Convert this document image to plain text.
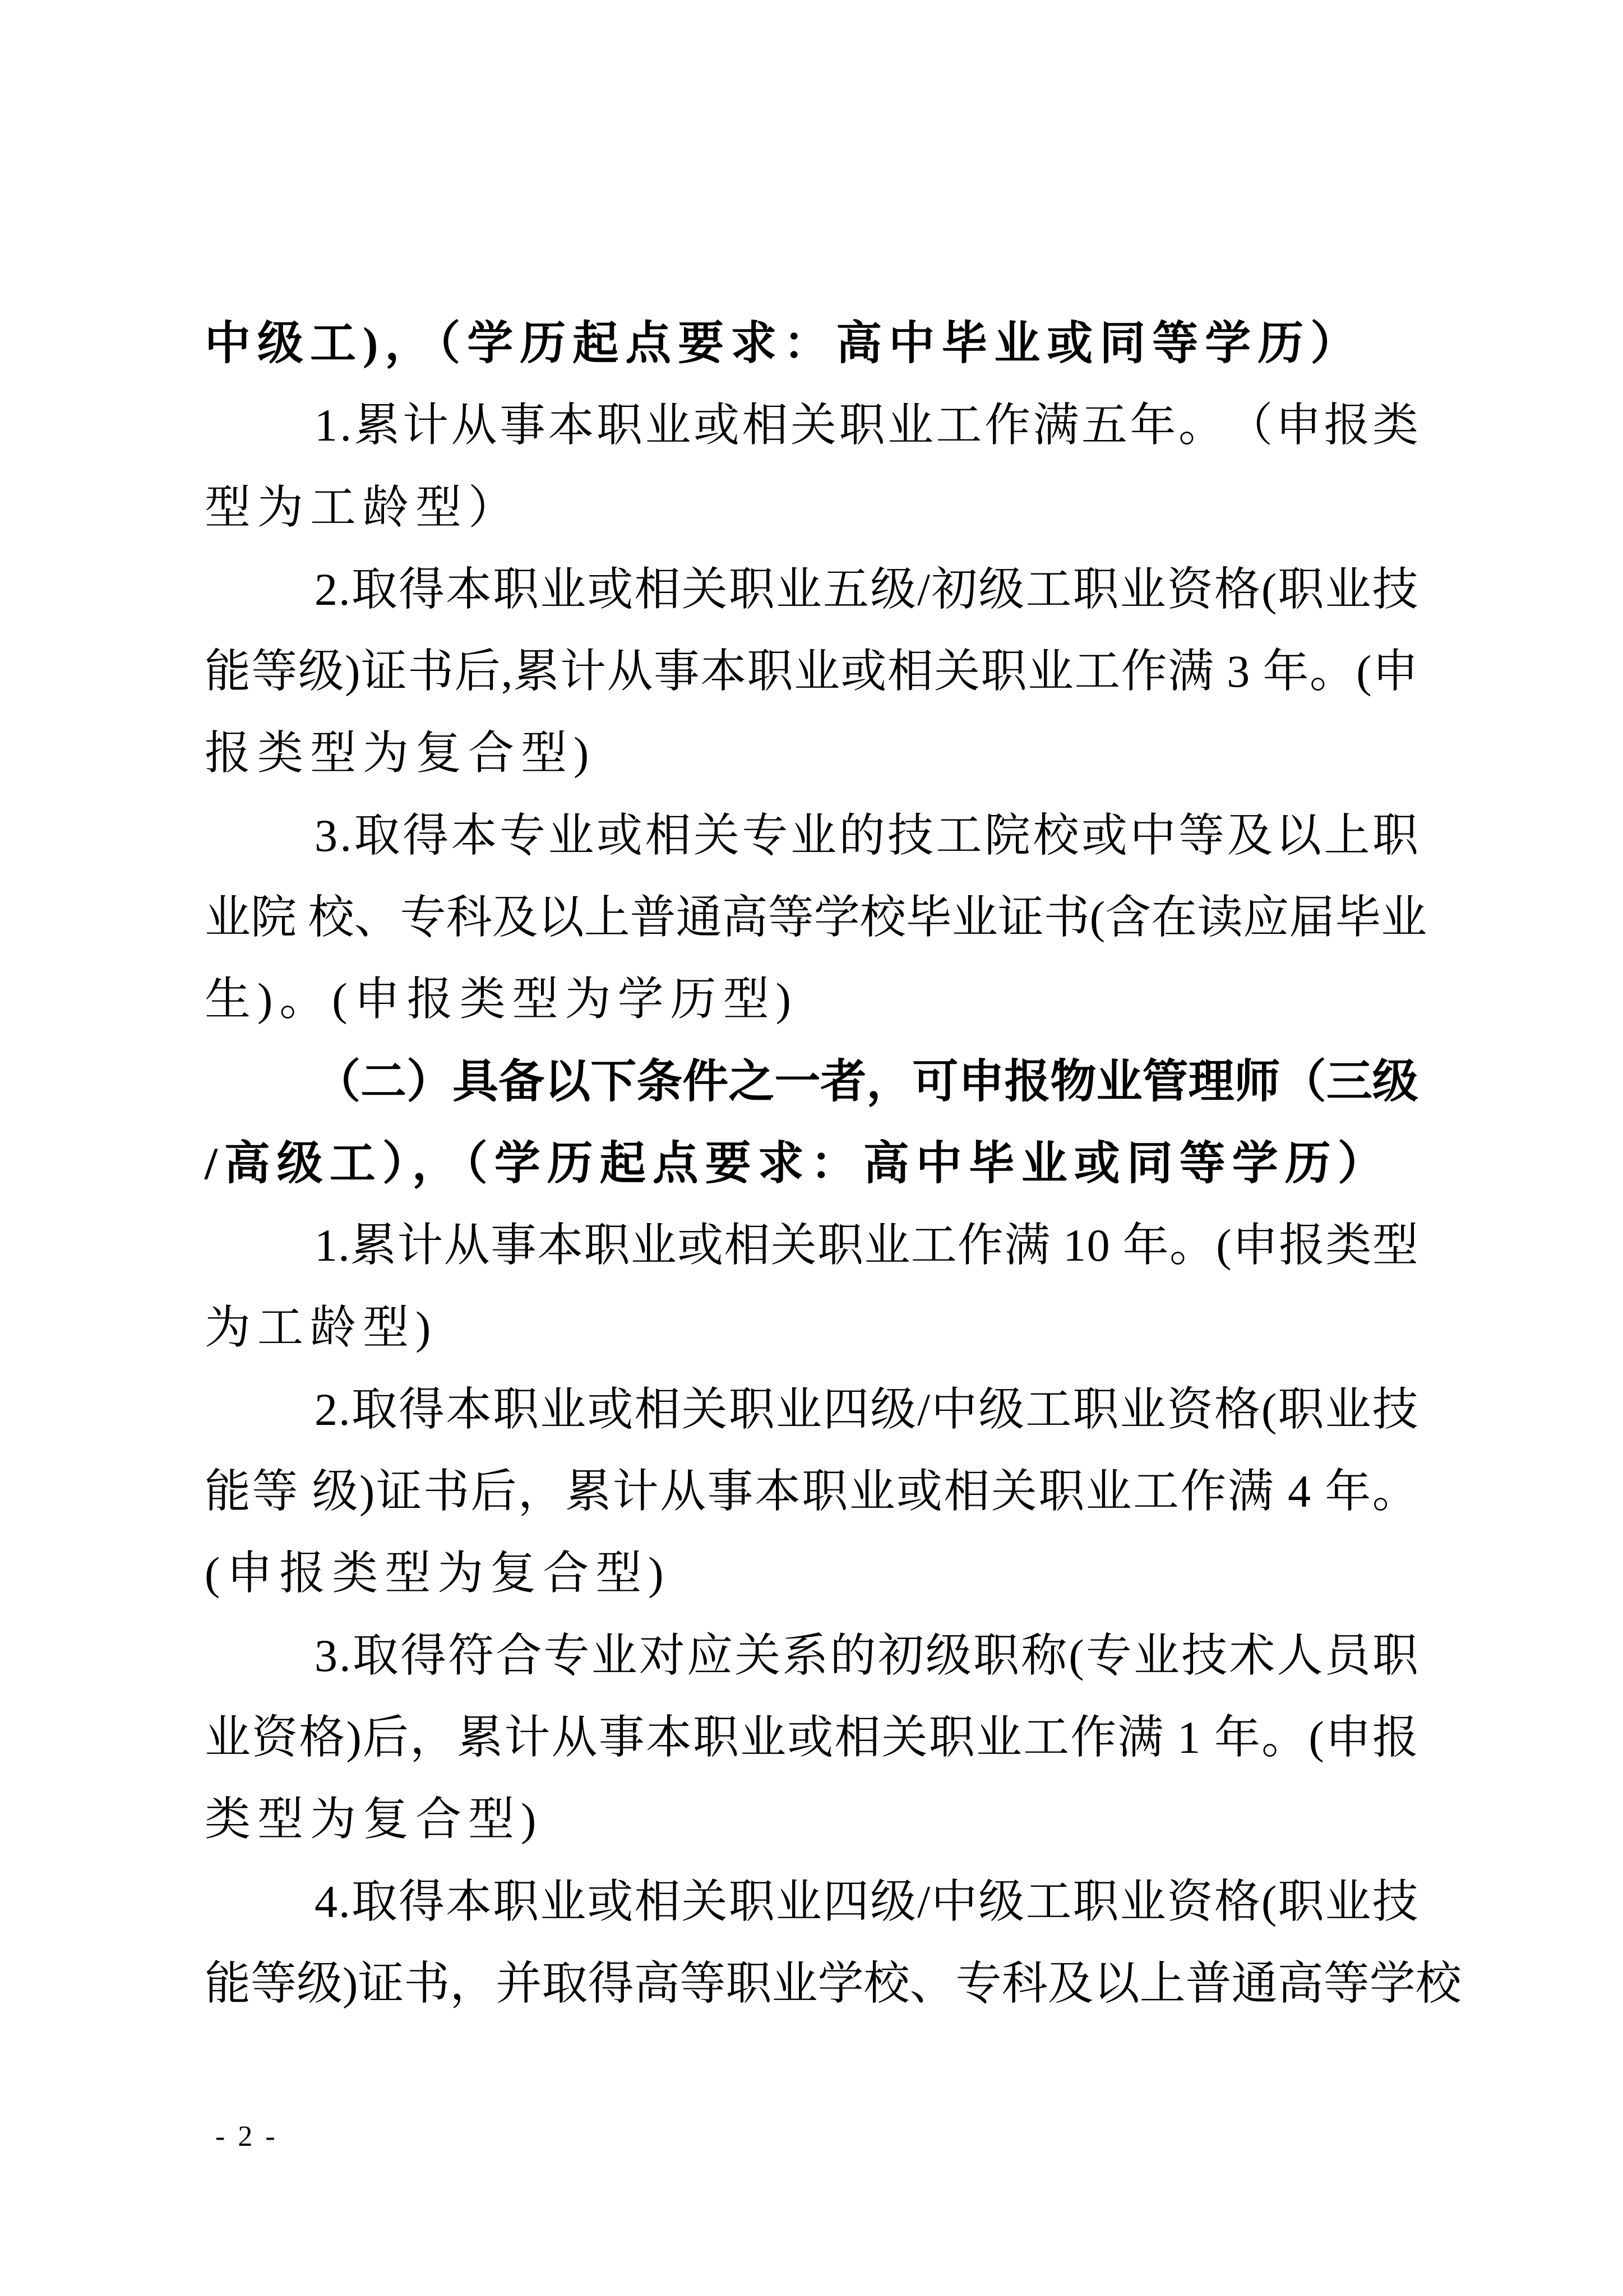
中级工)，（学历起点要求：高中毕业或同等学历）
1 . 累 计 从 事 本 职 业 或 相 关 职 业 工 作 满 五 年 。 （ 申 报 类
型为工龄型）
2 . 取 得 本 职 业 或 相 关 职 业 五 级 / 初 级 工 职 业 资 格 ( 职 业 技
能 等 级 ) 证 书 后 , 累 计 从 事 本 职 业 或 相 关 职 业 工 作 满
3
年 。 ( 申
报类型为复合型)
3 . 取 得 本 专 业 或 相 关 专 业 的 技 工 院 校 或 中 等 及 以 上 职
业 院
校 、 专 科 及 以 上 普 通 高 等 学 校 毕 业 证 书 ( 含 在 读 应 届 毕 业
生)。(申报类型为学历型)
（ 二 ） 具 备 以 下 条 件 之 一 者 ， 可 申 报 物 业 管 理 师 （ 三 级
/高级工），（学历起点要求：高中毕业或同等学历）
1 . 累 计 从 事 本 职 业 或 相 关 职 业 工 作 满
1 0
年 。 ( 申 报 类 型
为工龄型)
2 . 取 得 本 职 业 或 相 关 职 业 四 级 / 中 级 工 职 业 资 格 ( 职 业 技
能 等
级 ) 证 书 后 ， 累 计 从 事 本 职 业 或 相 关 职 业 工 作 满
4
年 。
(申报类型为复合型)
3 . 取 得 符 合 专 业 对 应 关 系 的 初 级 职 称 ( 专 业 技 术 人 员 职
业 资 格 ) 后 ， 累 计 从 事 本 职 业 或 相 关 职 业 工 作 满
1
年 。 ( 申 报
类型为复合型)
4 . 取 得 本 职 业 或 相 关 职 业 四 级 / 中 级 工 职 业 资 格 ( 职 业 技
能 等 级 ) 证 书 ， 并 取 得 高 等 职 业 学 校 、 专 科 及 以 上 普 通 高 等 学 校
- 2 -
